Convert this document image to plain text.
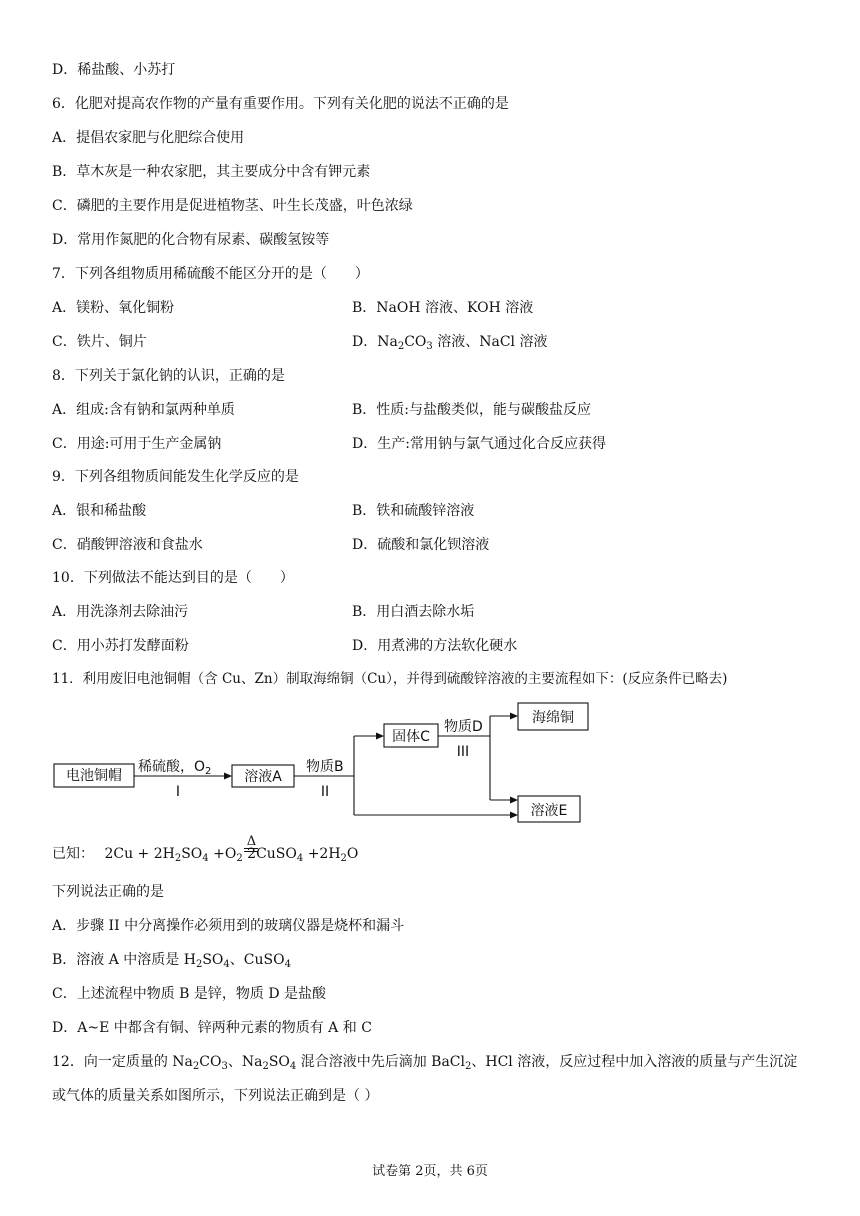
D．稀盐酸、小苏打
6．化肥对提高农作物的产量有重要作用。下列有关化肥的说法不正确的是
A．提倡农家肥与化肥综合使用
B．草木灰是一种农家肥，其主要成分中含有钾元素
C．磷肥的主要作用是促进植物茎、叶生长茂盛，叶色浓绿
D．常用作氮肥的化合物有尿素、碳酸氢铵等
7．下列各组物质用稀硫酸不能区分开的是（　　）
A．镁粉、氧化铜粉	B．NaOH 溶液、KOH 溶液
C．铁片、铜片	D．$Na_2CO_3$ 溶液、NaCl 溶液
8．下列关于氯化钠的认识，正确的是
A．组成:含有钠和氯两种单质	B．性质:与盐酸类似，能与碳酸盐反应
C．用途:可用于生产金属钠	D．生产:常用钠与氯气通过化合反应获得
9．下列各组物质间能发生化学反应的是
A．银和稀盐酸	B．铁和硫酸锌溶液
C．硝酸钾溶液和食盐水	D．硫酸和氯化钡溶液
10．下列做法不能达到目的是（　　）
A．用洗涤剂去除油污	B．用白酒去除水垢
C．用小苏打发酵面粉	D．用煮沸的方法软化硬水
11．利用废旧电池铜帽（含 Cu、Zn）制取海绵铜（Cu），并得到硫酸锌溶液的主要流程如下：(反应条件已略去)
电池铜帽	溶液A
固体C
海绵铜
溶液E
稀硫酸，$O_2$
I
物质B
II
物质D
III
已知： $2Cu + 2H_2SO_4 +O_2$
Δ
2CuSO$_4$ $+2H_2O$
下列说法正确的是
A．步骤 II 中分离操作必须用到的玻璃仪器是烧杯和漏斗
B．溶液 A 中溶质是 $H_2SO_4$、CuSO$_4$
C．上述流程中物质 B 是锌，物质 D 是盐酸
D．A~E 中都含有铜、锌两种元素的物质有 A 和 C
12．向一定质量的 $Na_2CO_3$、$Na_2SO_4$ 混合溶液中先后滴加 BaCl$_2$、HCl 溶液，反应过程中加入溶液的质量与产生沉淀
或气体的质量关系如图所示，下列说法正确到是（ ）
试卷第 2页，共 6页
